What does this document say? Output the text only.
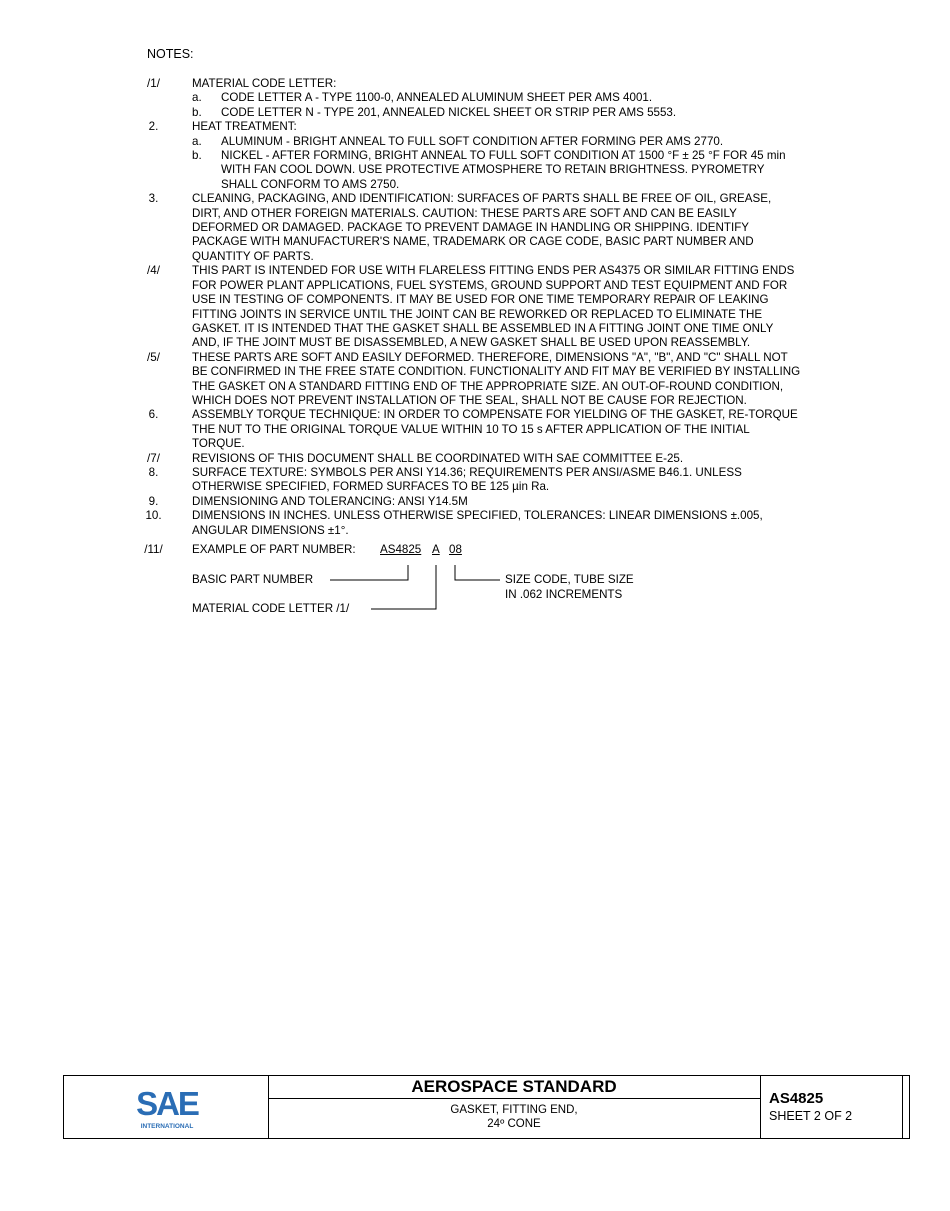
NOTES:
/1/	MATERIAL CODE LETTER:
a. CODE LETTER A - TYPE 1100-0, ANNEALED ALUMINUM SHEET PER AMS 4001.
b. CODE LETTER N - TYPE 201, ANNEALED NICKEL SHEET OR STRIP PER AMS 5553.
2.	HEAT TREATMENT:
a. ALUMINUM - BRIGHT ANNEAL TO FULL SOFT CONDITION AFTER FORMING PER AMS 2770.
b. NICKEL - AFTER FORMING, BRIGHT ANNEAL TO FULL SOFT CONDITION AT 1500 °F ± 25 °F FOR 45 min
WITH FAN COOL DOWN. USE PROTECTIVE ATMOSPHERE TO RETAIN BRIGHTNESS. PYROMETRY
SHALL CONFORM TO AMS 2750.
3.	CLEANING, PACKAGING, AND IDENTIFICATION: SURFACES OF PARTS SHALL BE FREE OF OIL, GREASE,
DIRT, AND OTHER FOREIGN MATERIALS. CAUTION: THESE PARTS ARE SOFT AND CAN BE EASILY
DEFORMED OR DAMAGED. PACKAGE TO PREVENT DAMAGE IN HANDLING OR SHIPPING. IDENTIFY
PACKAGE WITH MANUFACTURER'S NAME, TRADEMARK OR CAGE CODE, BASIC PART NUMBER AND
QUANTITY OF PARTS.
/4/	THIS PART IS INTENDED FOR USE WITH FLARELESS FITTING ENDS PER AS4375 OR SIMILAR FITTING ENDS
FOR POWER PLANT APPLICATIONS, FUEL SYSTEMS, GROUND SUPPORT AND TEST EQUIPMENT AND FOR
USE IN TESTING OF COMPONENTS. IT MAY BE USED FOR ONE TIME TEMPORARY REPAIR OF LEAKING
FITTING JOINTS IN SERVICE UNTIL THE JOINT CAN BE REWORKED OR REPLACED TO ELIMINATE THE
GASKET. IT IS INTENDED THAT THE GASKET SHALL BE ASSEMBLED IN A FITTING JOINT ONE TIME ONLY
AND, IF THE JOINT MUST BE DISASSEMBLED, A NEW GASKET SHALL BE USED UPON REASSEMBLY.
/5/	THESE PARTS ARE SOFT AND EASILY DEFORMED. THEREFORE, DIMENSIONS "A", "B", AND "C" SHALL NOT
BE CONFIRMED IN THE FREE STATE CONDITION. FUNCTIONALITY AND FIT MAY BE VERIFIED BY INSTALLING
THE GASKET ON A STANDARD FITTING END OF THE APPROPRIATE SIZE. AN OUT-OF-ROUND CONDITION,
WHICH DOES NOT PREVENT INSTALLATION OF THE SEAL, SHALL NOT BE CAUSE FOR REJECTION.
6.	ASSEMBLY TORQUE TECHNIQUE: IN ORDER TO COMPENSATE FOR YIELDING OF THE GASKET, RE-TORQUE
THE NUT TO THE ORIGINAL TORQUE VALUE WITHIN 10 TO 15 s AFTER APPLICATION OF THE INITIAL
TORQUE.
/7/	REVISIONS OF THIS DOCUMENT SHALL BE COORDINATED WITH SAE COMMITTEE E-25.
8.	SURFACE TEXTURE: SYMBOLS PER ANSI Y14.36; REQUIREMENTS PER ANSI/ASME B46.1. UNLESS
OTHERWISE SPECIFIED, FORMED SURFACES TO BE 125 µin Ra.
9.	DIMENSIONING AND TOLERANCING: ANSI Y14.5M
10.	DIMENSIONS IN INCHES. UNLESS OTHERWISE SPECIFIED, TOLERANCES: LINEAR DIMENSIONS ±.005,
ANGULAR DIMENSIONS ±1°.
/11/	EXAMPLE OF PART NUMBER: AS4825 A 08
BASIC PART NUMBER
MATERIAL CODE LETTER /1/
SIZE CODE, TUBE SIZE
IN .062 INCREMENTS
SAE
INTERNATIONAL
AEROSPACE STANDARD
GASKET, FITTING END,
24º CONE
AS4825
SHEET 2 OF 2
